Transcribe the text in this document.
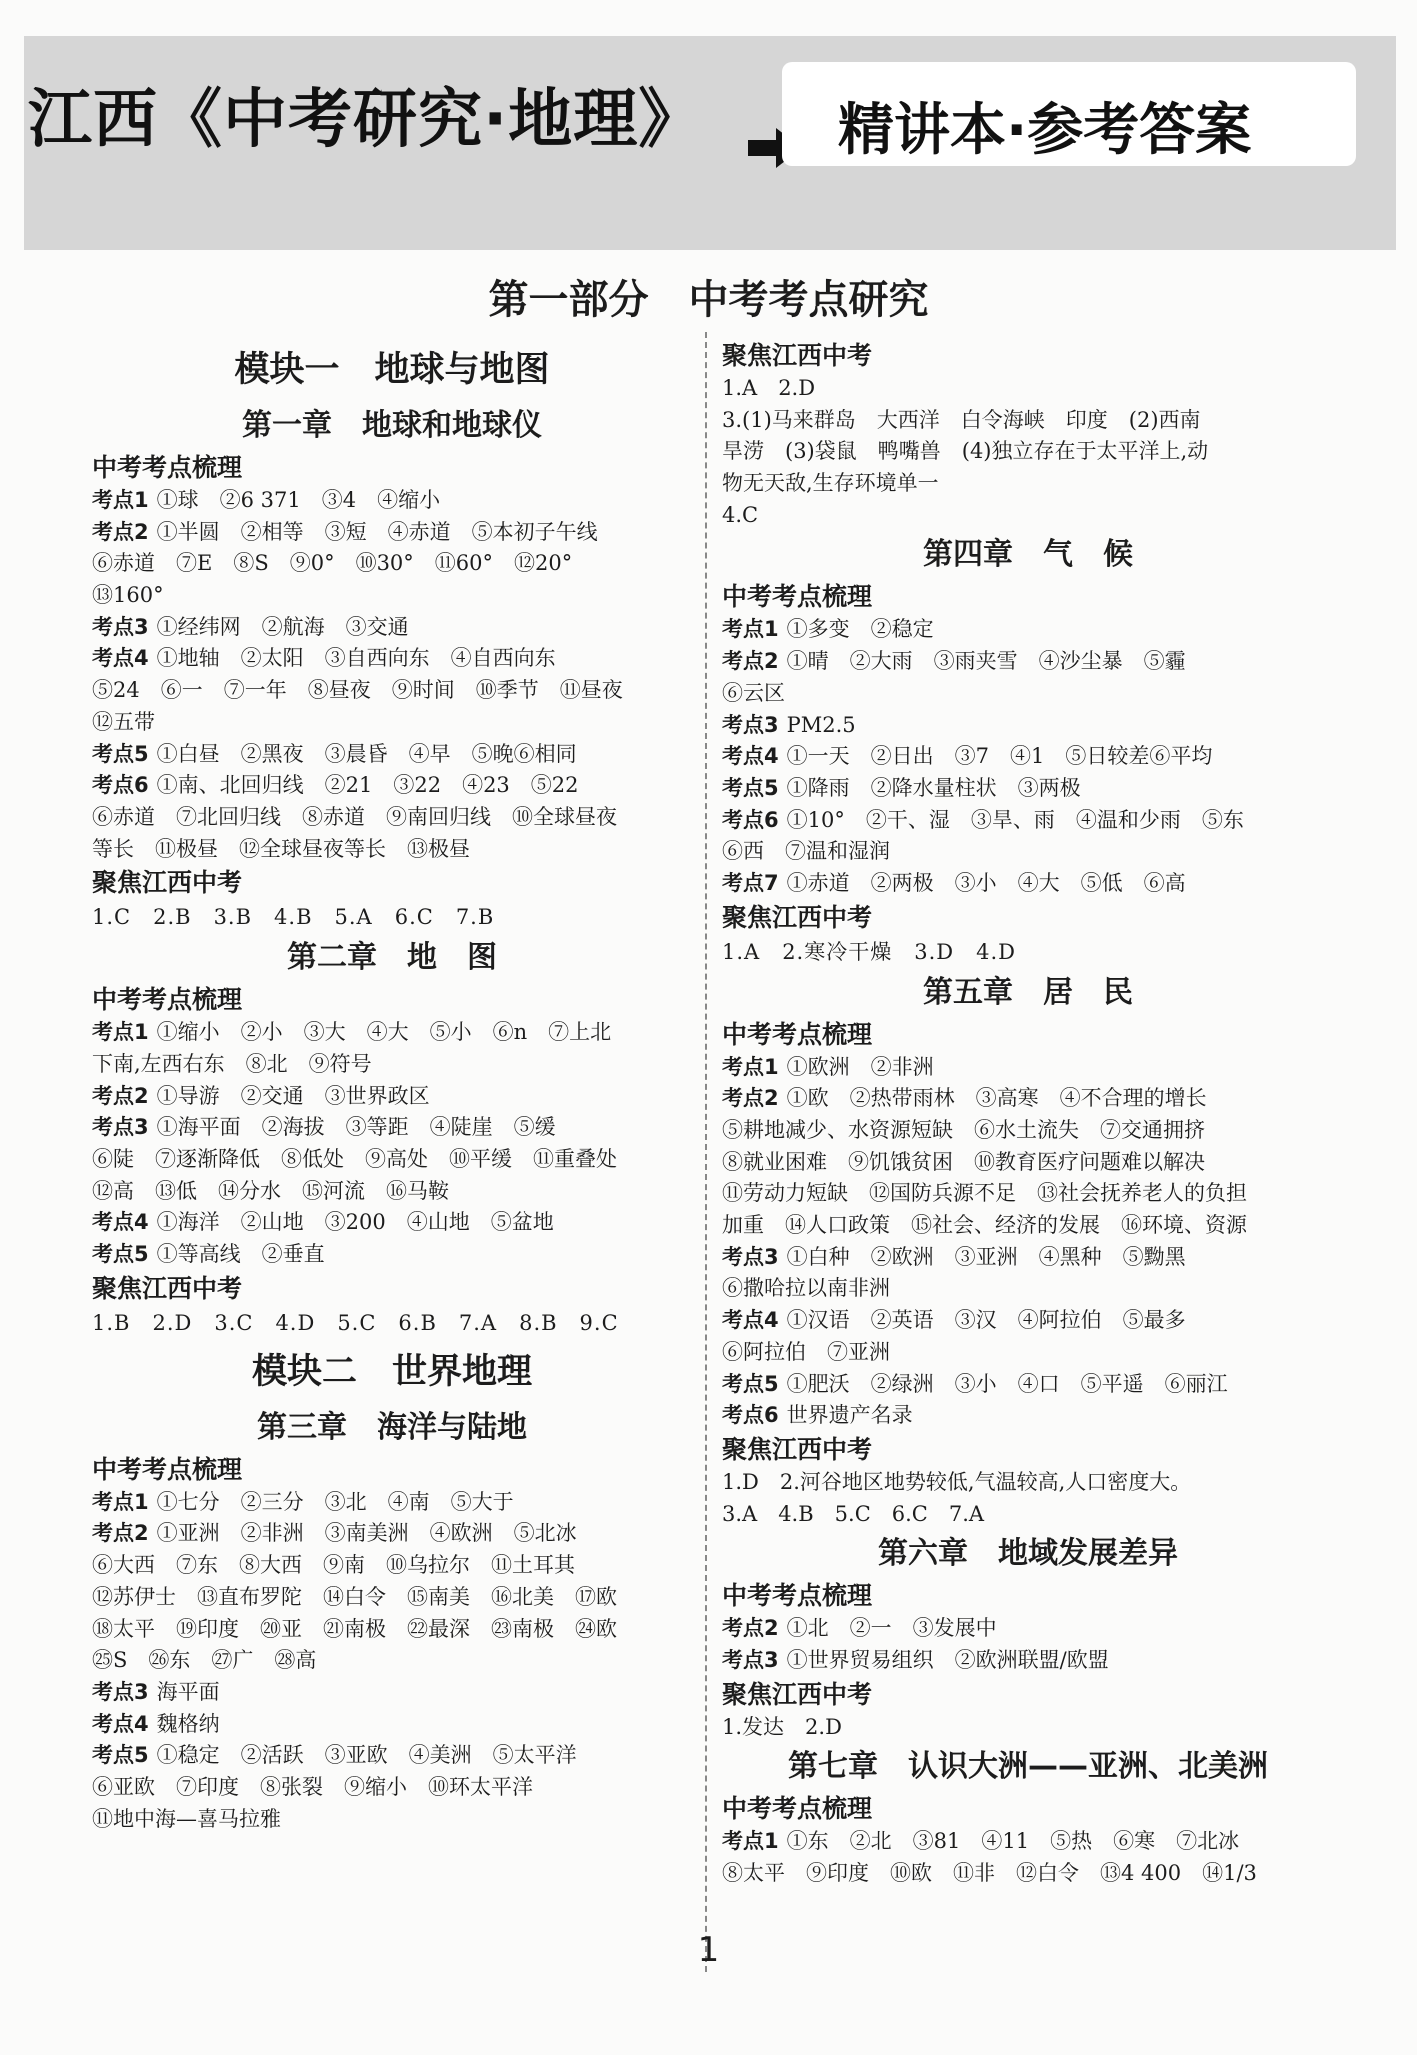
江西《中考研究·地理》 精讲本·参考答案
第一部分　中考考点研究
模块一　地球与地图
第一章　地球和地球仪
中考考点梳理
考点1 ①球　②6 371　③4　④缩小
考点2 ①半圆　②相等　③短　④赤道　⑤本初子午线
⑥赤道　⑦E　⑧S　⑨0°　⑩30°　⑪60°　⑫20°
⑬160°
考点3 ①经纬网　②航海　③交通
考点4 ①地轴　②太阳　③自西向东　④自西向东
⑤24　⑥一　⑦一年　⑧昼夜　⑨时间　⑩季节　⑪昼夜
⑫五带
考点5 ①白昼　②黑夜　③晨昏　④早　⑤晚⑥相同
考点6 ①南、北回归线　②21　③22　④23　⑤22
⑥赤道　⑦北回归线　⑧赤道　⑨南回归线　⑩全球昼夜
等长　⑪极昼　⑫全球昼夜等长　⑬极昼
聚焦江西中考
1.C　2.B　3.B　4.B　5.A　6.C　7.B
第二章　地　图
中考考点梳理
考点1 ①缩小　②小　③大　④大　⑤小　⑥n　⑦上北
下南,左西右东　⑧北　⑨符号
考点2 ①导游　②交通　③世界政区
考点3 ①海平面　②海拔　③等距　④陡崖　⑤缓
⑥陡　⑦逐渐降低　⑧低处　⑨高处　⑩平缓　⑪重叠处
⑫高　⑬低　⑭分水　⑮河流　⑯马鞍
考点4 ①海洋　②山地　③200　④山地　⑤盆地
考点5 ①等高线　②垂直
聚焦江西中考
1.B　2.D　3.C　4.D　5.C　6.B　7.A　8.B　9.C
模块二　世界地理
第三章　海洋与陆地
中考考点梳理
考点1 ①七分　②三分　③北　④南　⑤大于
考点2 ①亚洲　②非洲　③南美洲　④欧洲　⑤北冰
⑥大西　⑦东　⑧大西　⑨南　⑩乌拉尔　⑪土耳其
⑫苏伊士　⑬直布罗陀　⑭白令　⑮南美　⑯北美　⑰欧
⑱太平　⑲印度　⑳亚　㉑南极　㉒最深　㉓南极　㉔欧
㉕S　㉖东　㉗广　㉘高
考点3 海平面
考点4 魏格纳
考点5 ①稳定　②活跃　③亚欧　④美洲　⑤太平洋
⑥亚欧　⑦印度　⑧张裂　⑨缩小　⑩环太平洋
⑪地中海—喜马拉雅
聚焦江西中考
1.A　2.D
3.(1)马来群岛　大西洋　白令海峡　印度　(2)西南
旱涝　(3)袋鼠　鸭嘴兽　(4)独立存在于太平洋上,动
物无天敌,生存环境单一
4.C
第四章　气　候
中考考点梳理
考点1 ①多变　②稳定
考点2 ①晴　②大雨　③雨夹雪　④沙尘暴　⑤霾
⑥云区
考点3 PM2.5
考点4 ①一天　②日出　③7　④1　⑤日较差⑥平均
考点5 ①降雨　②降水量柱状　③两极
考点6 ①10°　②干、湿　③旱、雨　④温和少雨　⑤东
⑥西　⑦温和湿润
考点7 ①赤道　②两极　③小　④大　⑤低　⑥高
聚焦江西中考
1.A　2.寒冷干燥　3.D　4.D
第五章　居　民
中考考点梳理
考点1 ①欧洲　②非洲
考点2 ①欧　②热带雨林　③高寒　④不合理的增长
⑤耕地减少、水资源短缺　⑥水土流失　⑦交通拥挤
⑧就业困难　⑨饥饿贫困　⑩教育医疗问题难以解决
⑪劳动力短缺　⑫国防兵源不足　⑬社会抚养老人的负担
加重　⑭人口政策　⑮社会、经济的发展　⑯环境、资源
考点3 ①白种　②欧洲　③亚洲　④黑种　⑤黝黑
⑥撒哈拉以南非洲
考点4 ①汉语　②英语　③汉　④阿拉伯　⑤最多
⑥阿拉伯　⑦亚洲
考点5 ①肥沃　②绿洲　③小　④口　⑤平遥　⑥丽江
考点6 世界遗产名录
聚焦江西中考
1.D　2.河谷地区地势较低,气温较高,人口密度大。
3.A　4.B　5.C　6.C　7.A
第六章　地域发展差异
中考考点梳理
考点2 ①北　②一　③发展中
考点3 ①世界贸易组织　②欧洲联盟/欧盟
聚焦江西中考
1.发达　2.D
第七章　认识大洲——亚洲、北美洲
中考考点梳理
考点1 ①东　②北　③81　④11　⑤热　⑥寒　⑦北冰
⑧太平　⑨印度　⑩欧　⑪非　⑫白令　⑬4 400　⑭1/3
1
